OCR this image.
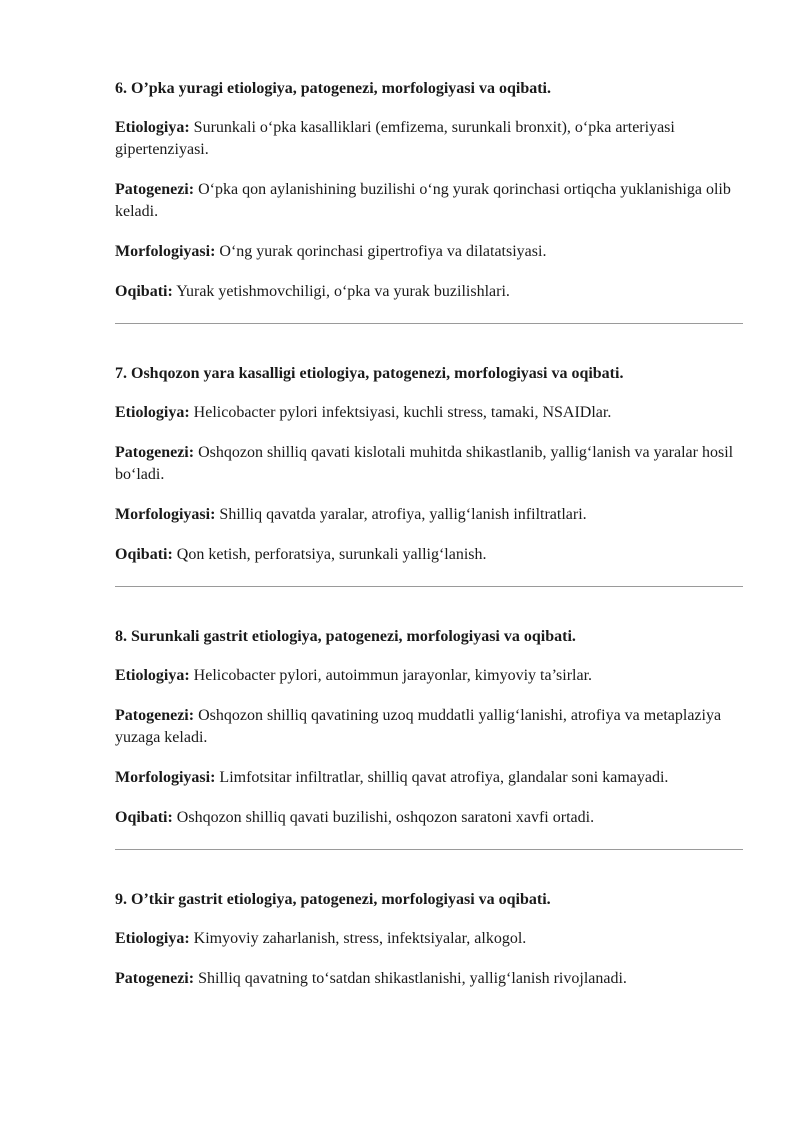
6. O’pka yuragi etiologiya, patogenezi, morfologiyasi va oqibati.
Etiologiya: Surunkali o‘pka kasalliklari (emfizema, surunkali bronxit), o‘pka arteriyasi gipertenziyasi.
Patogenezi: O‘pka qon aylanishining buzilishi o‘ng yurak qorinchasi ortiqcha yuklanishiga olib keladi.
Morfologiyasi: O‘ng yurak qorinchasi gipertrofiya va dilatatsiyasi.
Oqibati: Yurak yetishmovchiligi, o‘pka va yurak buzilishlari.
7. Oshqozon yara kasalligi etiologiya, patogenezi, morfologiyasi va oqibati.
Etiologiya: Helicobacter pylori infektsiyasi, kuchli stress, tamaki, NSAIDlar.
Patogenezi: Oshqozon shilliq qavati kislotali muhitda shikastlanib, yallig‘lanish va yaralar hosil bo‘ladi.
Morfologiyasi: Shilliq qavatda yaralar, atrofiya, yallig‘lanish infiltratlari.
Oqibati: Qon ketish, perforatsiya, surunkali yallig‘lanish.
8. Surunkali gastrit etiologiya, patogenezi, morfologiyasi va oqibati.
Etiologiya: Helicobacter pylori, autoimmun jarayonlar, kimyoviy ta’sirlar.
Patogenezi: Oshqozon shilliq qavatining uzoq muddatli yallig‘lanishi, atrofiya va metaplaziya yuzaga keladi.
Morfologiyasi: Limfotsitar infiltratlar, shilliq qavat atrofiya, glandalar soni kamayadi.
Oqibati: Oshqozon shilliq qavati buzilishi, oshqozon saratoni xavfi ortadi.
9. O’tkir gastrit etiologiya, patogenezi, morfologiyasi va oqibati.
Etiologiya: Kimyoviy zaharlanish, stress, infektsiyalar, alkogol.
Patogenezi: Shilliq qavatning to‘satdan shikastlanishi, yallig‘lanish rivojlanadi.
